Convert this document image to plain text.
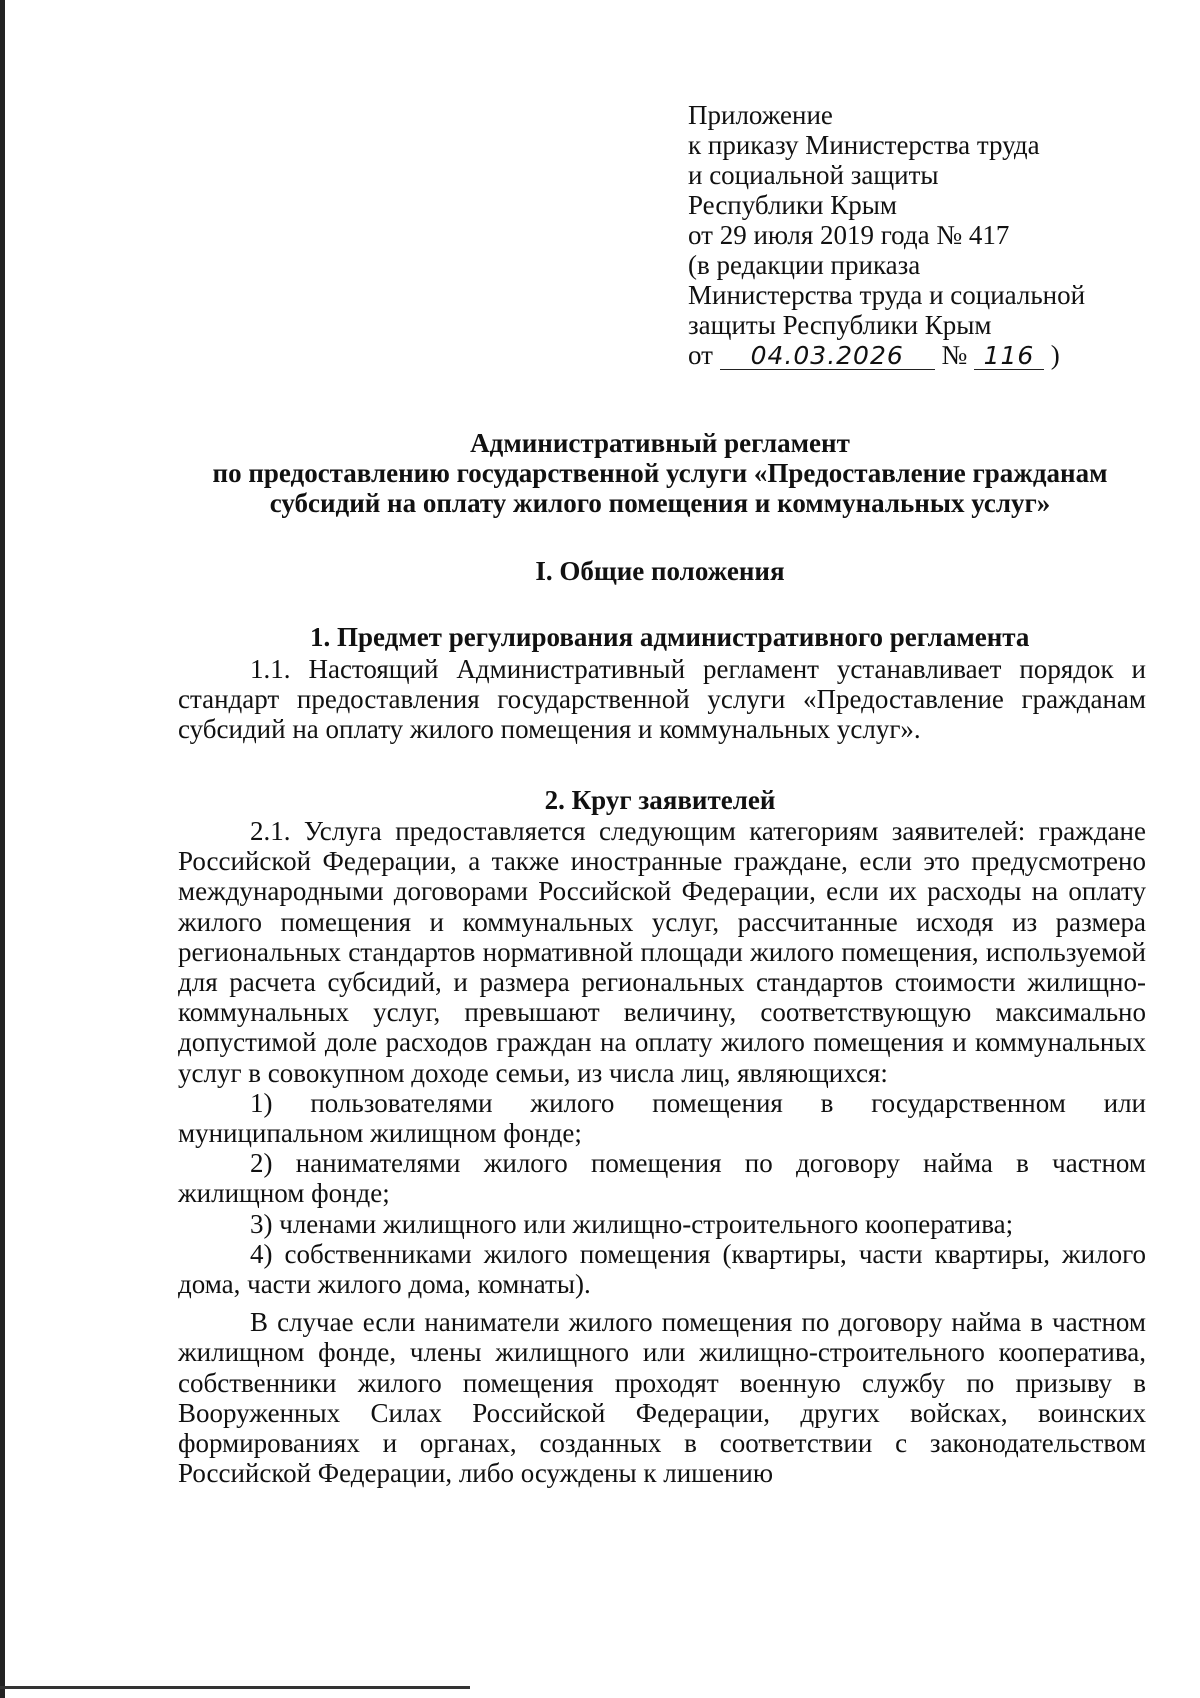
Приложение
к приказу Министерства труда
и социальной защиты
Республики Крым
от 29 июля 2019 года № 417
(в редакции приказа
Министерства труда и социальной
защиты Республики Крым
от 04.03.2026 № 116 )
Административный регламент
по предоставлению государственной услуги «Предоставление гражданам
субсидий на оплату жилого помещения и коммунальных услуг»
I. Общие положения
1. Предмет регулирования административного регламента

1.1. Настоящий Административный регламент устанавливает порядок и стандарт предоставления государственной услуги «Предоставление гражданам субсидий на оплату жилого помещения и коммунальных услуг».

2. Круг заявителей

2.1. Услуга предоставляется следующим категориям заявителей: граждане Российской Федерации, а также иностранные граждане, если это предусмотрено международными договорами Российской Федерации, если их расходы на оплату жилого помещения и коммунальных услуг, рассчитанные исходя из размера региональных стандартов нормативной площади жилого помещения, используемой для расчета субсидий, и размера региональных стандартов стоимости жилищно-коммунальных услуг, превышают величину, соответствующую максимально допустимой доле расходов граждан на оплату жилого помещения и коммунальных услуг в совокупном доходе семьи, из числа лиц, являющихся:

1) пользователями жилого помещения в государственном или муниципальном жилищном фонде;

2) нанимателями жилого помещения по договору найма в частном жилищном фонде;

3) членами жилищного или жилищно-строительного кооператива;

4) собственниками жилого помещения (квартиры, части квартиры, жилого дома, части жилого дома, комнаты).

В случае если наниматели жилого помещения по договору найма в частном жилищном фонде, члены жилищного или жилищно-строительного кооператива, собственники жилого помещения проходят военную службу по призыву в Вооруженных Силах Российской Федерации, других войсках, воинских формированиях и органах, созданных в соответствии с законодательством Российской Федерации, либо осуждены к лишению
